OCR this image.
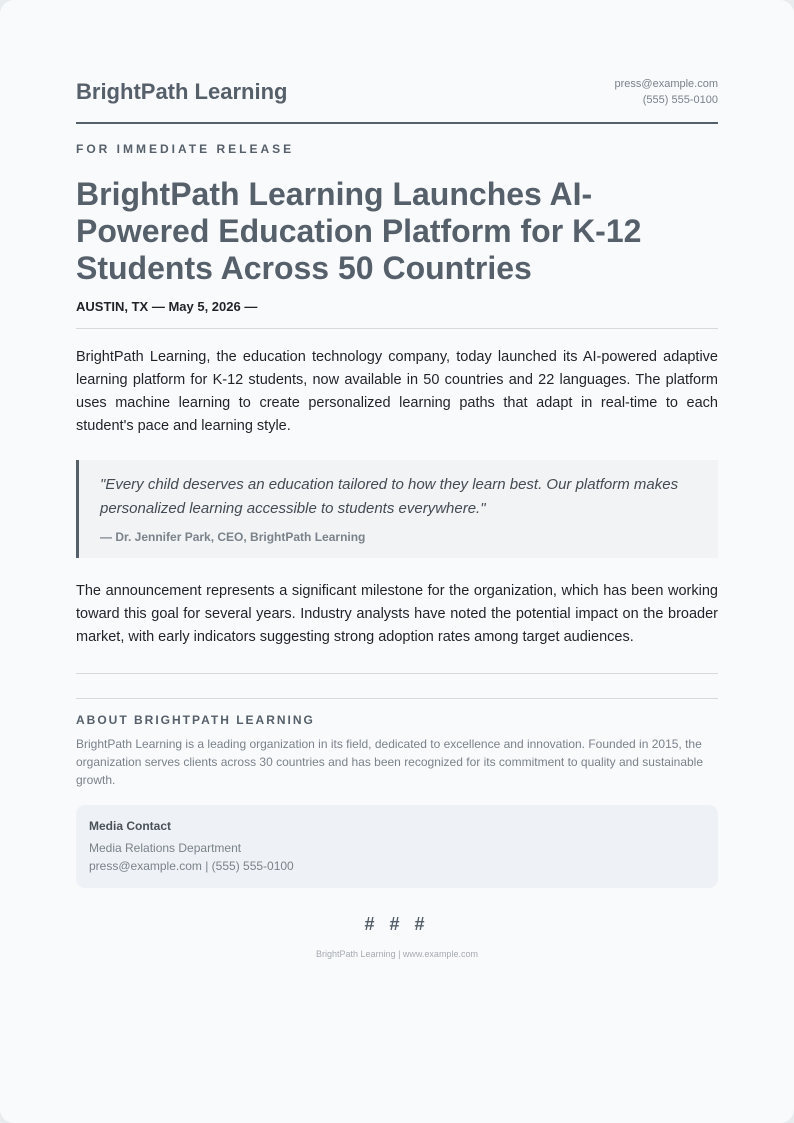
BrightPath Learning	press@example.com
(555) 555-0100
FOR IMMEDIATE RELEASE
BrightPath Learning Launches AI-Powered Education Platform for K-12 Students Across 50 Countries
AUSTIN, TX — May 5, 2026 —

BrightPath Learning, the education technology company, today launched its AI-powered adaptive learning platform for K-12 students, now available in 50 countries and 22 languages. The platform uses machine learning to create personalized learning paths that adapt in real-time to each student's pace and learning style.

"Every child deserves an education tailored to how they learn best. Our platform makes personalized learning accessible to students everywhere."
— Dr. Jennifer Park, CEO, BrightPath Learning

The announcement represents a significant milestone for the organization, which has been working toward this goal for several years. Industry analysts have noted the potential impact on the broader market, with early indicators suggesting strong adoption rates among target audiences.

ABOUT BRIGHTPATH LEARNING
BrightPath Learning is a leading organization in its field, dedicated to excellence and innovation. Founded in 2015, the organization serves clients across 30 countries and has been recognized for its commitment to quality and sustainable growth.
Media Contact
Media Relations Department
press@example.com | (555) 555-0100
# # #
BrightPath Learning | www.example.com
